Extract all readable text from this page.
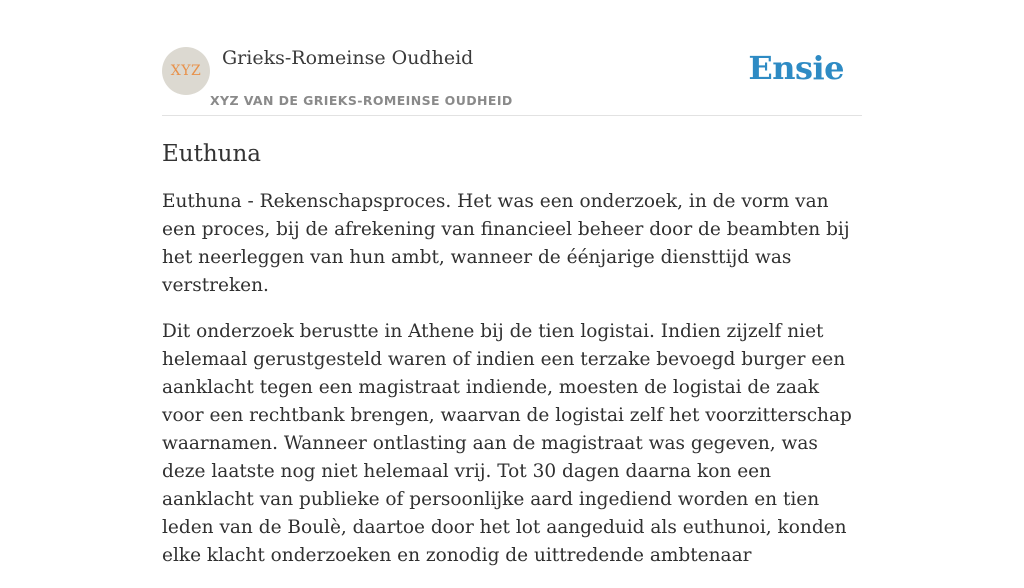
XYZ
Grieks-Romeinse Oudheid
XYZ VAN DE GRIEKS-ROMEINSE OUDHEID
Ensie
Euthuna

Euthuna - Rekenschapsproces. Het was een onderzoek, in de vorm van een proces, bij de afrekening van financieel beheer door de beambten bij het neerleggen van hun ambt, wanneer de éénjarige diensttijd was verstreken.

Dit onderzoek berustte in Athene bij de tien logistai. Indien zijzelf niet helemaal gerustgesteld waren of indien een terzake bevoegd burger een aanklacht tegen een magistraat indiende, moesten de logistai de zaak voor een rechtbank brengen, waarvan de logistai zelf het voorzitterschap waarnamen. Wanneer ontlasting aan de magistraat was gegeven, was deze laatste nog niet helemaal vrij. Tot 30 dagen daarna kon een aanklacht van publieke of persoonlijke aard ingediend worden en tien leden van de Boulè, daartoe door het lot aangeduid als euthunoi, konden elke klacht onderzoeken en zonodig de uittredende ambtenaar
